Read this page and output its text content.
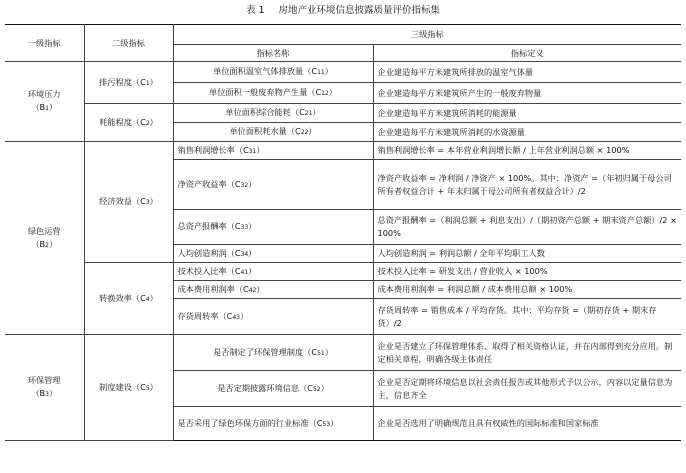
表 1 房地产业环境信息披露质量评价指标集
一级指标	二级指标	三级指标	
		指标名称	指标定义

环境压力
（B1）	排污程度（C1）	单位面积温室气体排放量（C11）	企业建造每平方米建筑所排放的温室气体量
		单位面积一般废弃物产生量（C12）	企业建造每平方米建筑所产生的一般废弃物量
	耗能程度（C2）	单位面积综合能耗（C21）	企业建造每平方米建筑所消耗的能源量
		单位面积耗水量（C22）	企业建造每平方米建筑所消耗的水资源量

绿色运营
（B2）	经济效益（C3）	销售利润增长率（C31）	销售利润增长率 = 本年营业利润增长额 / 上年营业利润总额 × 100%
		净资产收益率（C32）	净资产收益率 = 净利润 / 净资产 × 100%。其中：净资产 =（年初归属于母公司所有者权益合计 + 年末归属于母公司所有者权益合计）/2
		总资产报酬率（C33）	总资产报酬率 =（利润总额 + 利息支出）/（期初资产总额 + 期末资产总额）/2 × 100%
		人均创造利润（C34）	人均创造利润 = 利润总额 / 全年平均职工人数
	转换效率（C4）	技术投入比率（C41）	技术投入比率 = 研发支出 / 营业收入 × 100%
		成本费用利润率（C42）	成本费用利润率 = 利润总额 / 成本费用总额 × 100%
		存货周转率（C43）	存货周转率 = 销售成本 / 平均存货。其中：平均存货 =（期初存货 + 期末存货）/2

环保管理
（B3）	制度建设（C5）	是否制定了环保管理制度（C51）	企业是否建立了环保管理体系、取得了相关资格认证，并在内部得到充分应用。制定相关章程，明确各级主体责任
		是否定期披露环境信息（C52）	企业是否定期将环境信息以社会责任报告或其他形式予以公示，内容以定量信息为主，信息齐全
		是否采用了绿色环保方面的行业标准（C53）	企业是否选用了明确规范且具有权威性的国际标准和国家标准
